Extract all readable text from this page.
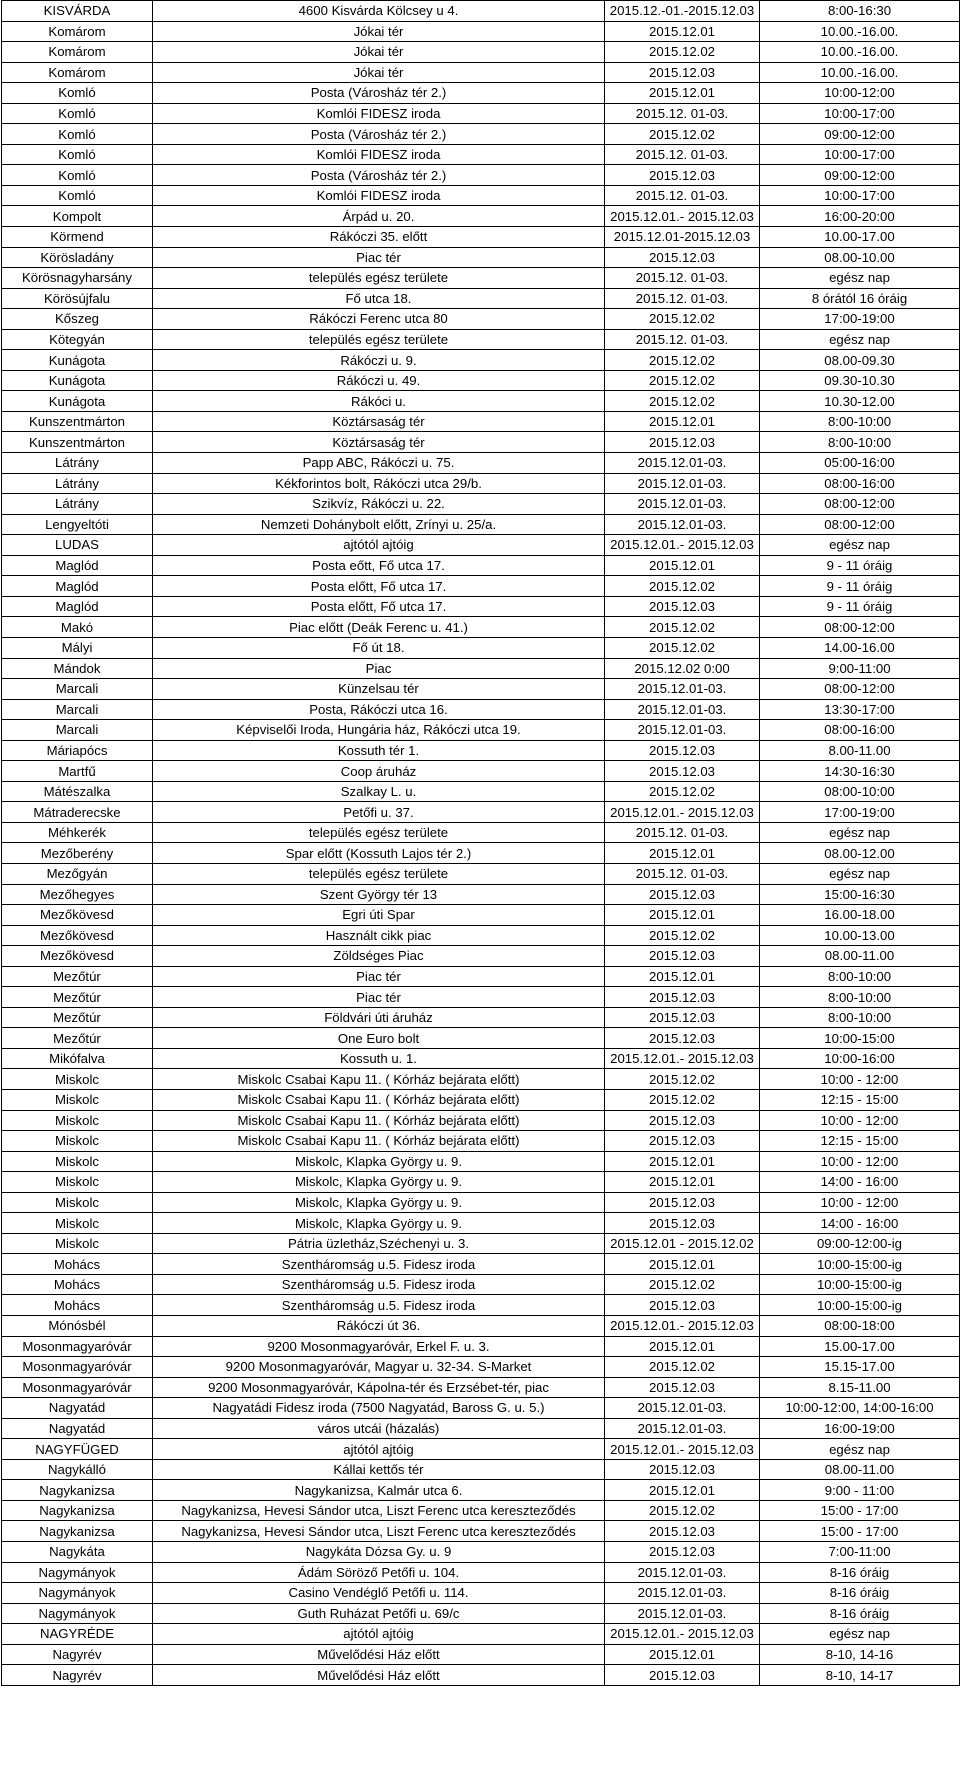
KISVÁRDA	4600 Kisvárda Kölcsey u 4.	2015.12.-01.-2015.12.03	8:00-16:30
Komárom	Jókai tér	2015.12.01	10.00.-16.00.
Komárom	Jókai tér	2015.12.02	10.00.-16.00.
Komárom	Jókai tér	2015.12.03	10.00.-16.00.
Komló	Posta (Városház tér 2.)	2015.12.01	10:00-12:00
Komló	Komlói FIDESZ iroda	2015.12. 01-03.	10:00-17:00
Komló	Posta (Városház tér 2.)	2015.12.02	09:00-12:00
Komló	Komlói FIDESZ iroda	2015.12. 01-03.	10:00-17:00
Komló	Posta (Városház tér 2.)	2015.12.03	09:00-12:00
Komló	Komlói FIDESZ iroda	2015.12. 01-03.	10:00-17:00
Kompolt	Árpád u. 20.	2015.12.01.- 2015.12.03	16:00-20:00
Körmend	Rákóczi 35. előtt	2015.12.01-2015.12.03	10.00-17.00
Körösladány	Piac tér	2015.12.03	08.00-10.00
Körösnagyharsány	település egész területe	2015.12. 01-03.	egész nap
Körösújfalu	Fő utca 18.	2015.12. 01-03.	8 órától 16 óráig
Kőszeg	Rákóczi Ferenc utca 80	2015.12.02	17:00-19:00
Kötegyán	település egész területe	2015.12. 01-03.	egész nap
Kunágota	Rákóczi u. 9.	2015.12.02	08.00-09.30
Kunágota	Rákóczi u. 49.	2015.12.02	09.30-10.30
Kunágota	Rákóci u.	2015.12.02	10.30-12.00
Kunszentmárton	Köztársaság tér	2015.12.01	8:00-10:00
Kunszentmárton	Köztársaság tér	2015.12.03	8:00-10:00
Látrány	Papp ABC, Rákóczi u. 75.	2015.12.01-03.	05:00-16:00
Látrány	Kékforintos bolt, Rákóczi utca 29/b.	2015.12.01-03.	08:00-16:00
Látrány	Szikvíz, Rákóczi u. 22.	2015.12.01-03.	08:00-12:00
Lengyeltóti	Nemzeti Dohánybolt előtt, Zrínyi u. 25/a.	2015.12.01-03.	08:00-12:00
LUDAS	ajtótól ajtóig	2015.12.01.- 2015.12.03	egész nap
Maglód	Posta eőtt, Fő utca 17.	2015.12.01	9 - 11 óráig
Maglód	Posta előtt, Fő utca 17.	2015.12.02	9 - 11 óráig
Maglód	Posta előtt, Fő utca 17.	2015.12.03	9 - 11 óráig
Makó	Piac előtt (Deák Ferenc u. 41.)	2015.12.02	08:00-12:00
Mályi	Fő út 18.	2015.12.02	14.00-16.00
Mándok	Piac	2015.12.02 0:00	9:00-11:00
Marcali	Künzelsau tér	2015.12.01-03.	08:00-12:00
Marcali	Posta, Rákóczi utca 16.	2015.12.01-03.	13:30-17:00
Marcali	Képviselői Iroda, Hungária ház, Rákóczi utca 19.	2015.12.01-03.	08:00-16:00
Máriapócs	Kossuth tér 1.	2015.12.03	8.00-11.00
Martfű	Coop áruház	2015.12.03	14:30-16:30
Mátészalka	Szalkay L. u.	2015.12.02	08:00-10:00
Mátraderecske	Petőfi u. 37.	2015.12.01.- 2015.12.03	17:00-19:00
Méhkerék	település egész területe	2015.12. 01-03.	egész nap
Mezőberény	Spar előtt (Kossuth Lajos tér 2.)	2015.12.01	08.00-12.00
Mezőgyán	település egész területe	2015.12. 01-03.	egész nap
Mezőhegyes	Szent György tér 13	2015.12.03	15:00-16:30
Mezőkövesd	Egri úti Spar	2015.12.01	16.00-18.00
Mezőkövesd	Használt cikk piac	2015.12.02	10.00-13.00
Mezőkövesd	Zöldséges Piac	2015.12.03	08.00-11.00
Mezőtúr	Piac tér	2015.12.01	8:00-10:00
Mezőtúr	Piac tér	2015.12.03	8:00-10:00
Mezőtúr	Földvári úti áruház	2015.12.03	8:00-10:00
Mezőtúr	One Euro bolt	2015.12.03	10:00-15:00
Mikófalva	Kossuth u. 1.	2015.12.01.- 2015.12.03	10:00-16:00
Miskolc	Miskolc Csabai Kapu 11. ( Kórház bejárata előtt)	2015.12.02	10:00 - 12:00
Miskolc	Miskolc Csabai Kapu 11. ( Kórház bejárata előtt)	2015.12.02	12:15 - 15:00
Miskolc	Miskolc Csabai Kapu 11. ( Kórház bejárata előtt)	2015.12.03	10:00 - 12:00
Miskolc	Miskolc Csabai Kapu 11. ( Kórház bejárata előtt)	2015.12.03	12:15 - 15:00
Miskolc	Miskolc, Klapka György u. 9.	2015.12.01	10:00 - 12:00
Miskolc	Miskolc, Klapka György u. 9.	2015.12.01	14:00 - 16:00
Miskolc	Miskolc, Klapka György u. 9.	2015.12.03	10:00 - 12:00
Miskolc	Miskolc, Klapka György u. 9.	2015.12.03	14:00 - 16:00
Miskolc	Pátria üzletház,Széchenyi u. 3.	2015.12.01 - 2015.12.02	09:00-12:00-ig
Mohács	Szentháromság u.5. Fidesz iroda	2015.12.01	10:00-15:00-ig
Mohács	Szentháromság u.5. Fidesz iroda	2015.12.02	10:00-15:00-ig
Mohács	Szentháromság u.5. Fidesz iroda	2015.12.03	10:00-15:00-ig
Mónósbél	Rákóczi út 36.	2015.12.01.- 2015.12.03	08:00-18:00
Mosonmagyaróvár	9200 Mosonmagyaróvár, Erkel F. u. 3.	2015.12.01	15.00-17.00
Mosonmagyaróvár	9200 Mosonmagyaróvár, Magyar u. 32-34. S-Market	2015.12.02	15.15-17.00
Mosonmagyaróvár	9200 Mosonmagyaróvár, Kápolna-tér és Erzsébet-tér, piac	2015.12.03	8.15-11.00
Nagyatád	Nagyatádi Fidesz iroda (7500 Nagyatád, Baross G. u. 5.)	2015.12.01-03.	10:00-12:00, 14:00-16:00
Nagyatád	város utcái (házalás)	2015.12.01-03.	16:00-19:00
NAGYFÜGED	ajtótól ajtóig	2015.12.01.- 2015.12.03	egész nap
Nagykálló	Kállai kettős tér	2015.12.03	08.00-11.00
Nagykanizsa	Nagykanizsa, Kalmár utca 6.	2015.12.01	9:00 - 11:00
Nagykanizsa	Nagykanizsa, Hevesi Sándor utca, Liszt Ferenc utca kereszteződés	2015.12.02	15:00 - 17:00
Nagykanizsa	Nagykanizsa, Hevesi Sándor utca, Liszt Ferenc utca kereszteződés	2015.12.03	15:00 - 17:00
Nagykáta	Nagykáta Dózsa Gy. u. 9	2015.12.03	7:00-11:00
Nagymányok	Ádám Söröző Petőfi u. 104.	2015.12.01-03.	8-16 óráig
Nagymányok	Casino Vendéglő Petőfi u. 114.	2015.12.01-03.	8-16 óráig
Nagymányok	Guth Ruházat Petőfi u. 69/c	2015.12.01-03.	8-16 óráig
NAGYRÉDE	ajtótól ajtóig	2015.12.01.- 2015.12.03	egész nap
Nagyrév	Művelődési Ház előtt	2015.12.01	8-10, 14-16
Nagyrév	Művelődési Ház előtt	2015.12.03	8-10, 14-17
